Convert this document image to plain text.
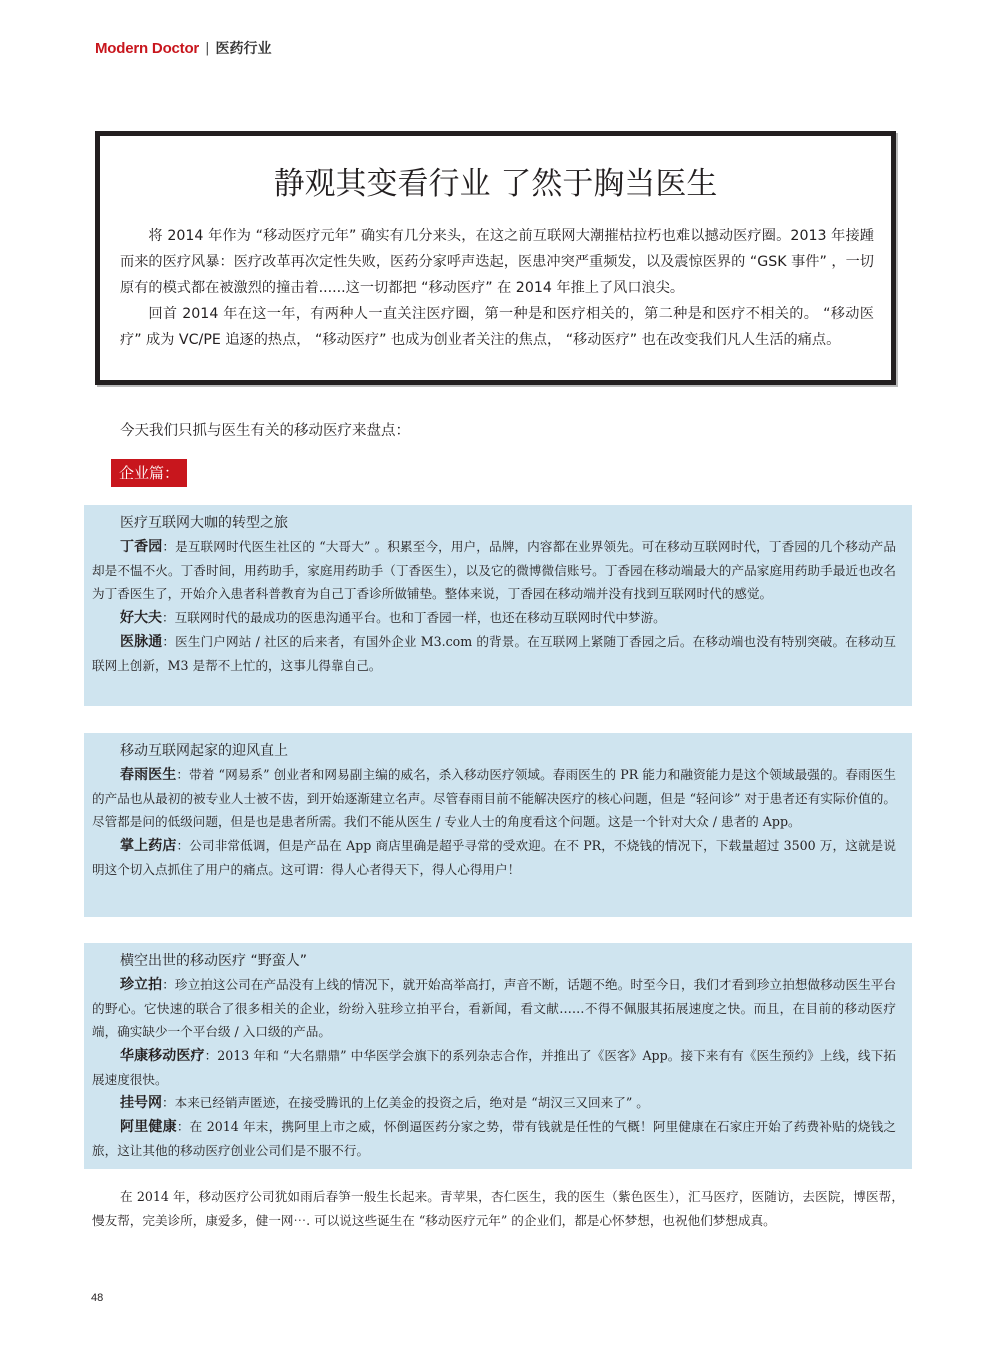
Modern Doctor | 医药行业
静观其变看行业 了然于胸当医生

将 2014 年作为 “移动医疗元年” 确实有几分来头，在这之前互联网大潮摧枯拉朽也难以撼动医疗圈。2013 年接踵而来的医疗风暴：医疗改革再次定性失败，医药分家呼声迭起，医患冲突严重频发，以及震惊医界的 “GSK 事件” ，一切原有的模式都在被激烈的撞击着......这一切都把 “移动医疗” 在 2014 年推上了风口浪尖。

回首 2014 年在这一年，有两种人一直关注医疗圈，第一种是和医疗相关的，第二种是和医疗不相关的。 “移动医疗” 成为 VC/PE 追逐的热点， “移动医疗” 也成为创业者关注的焦点， “移动医疗” 也在改变我们凡人生活的痛点。

今天我们只抓与医生有关的移动医疗来盘点：
企业篇：
医疗互联网大咖的转型之旅

丁香园：是互联网时代医生社区的 “大哥大” 。积累至今，用户，品牌，内容都在业界领先。可在移动互联网时代，丁香园的几个移动产品却是不愠不火。丁香时间，用药助手，家庭用药助手（丁香医生），以及它的微博微信账号。丁香园在移动端最大的产品家庭用药助手最近也改名为丁香医生了，开始介入患者科普教育为自己丁香诊所做铺垫。整体来说，丁香园在移动端并没有找到互联网时代的感觉。

好大夫：互联网时代的最成功的医患沟通平台。也和丁香园一样，也还在移动互联网时代中梦游。

医脉通：医生门户网站 / 社区的后来者，有国外企业 M3.com 的背景。在互联网上紧随丁香园之后。在移动端也没有特别突破。在移动互联网上创新，M3 是帮不上忙的，这事儿得靠自己。

移动互联网起家的迎风直上

春雨医生：带着 “网易系” 创业者和网易副主编的威名，杀入移动医疗领域。春雨医生的 PR 能力和融资能力是这个领域最强的。春雨医生的产品也从最初的被专业人士被不齿，到开始逐渐建立名声。尽管春雨目前不能解决医疗的核心问题，但是 “轻问诊” 对于患者还有实际价值的。尽管都是问的低级问题，但是也是患者所需。我们不能从医生 / 专业人士的角度看这个问题。这是一个针对大众 / 患者的 App。

掌上药店：公司非常低调，但是产品在 App 商店里确是超乎寻常的受欢迎。在不 PR，不烧钱的情况下，下载量超过 3500 万，这就是说明这个切入点抓住了用户的痛点。这可谓：得人心者得天下，得人心得用户！

横空出世的移动医疗 “野蛮人”

珍立拍：珍立拍这公司在产品没有上线的情况下，就开始高举高打，声音不断，话题不绝。时至今日，我们才看到珍立拍想做移动医生平台的野心。它快速的联合了很多相关的企业，纷纷入驻珍立拍平台，看新闻，看文献……不得不佩服其拓展速度之快。而且，在目前的移动医疗端，确实缺少一个平台级 / 入口级的产品。

华康移动医疗：2013 年和 “大名鼎鼎” 中华医学会旗下的系列杂志合作，并推出了《医客》App。接下来有有《医生预约》上线，线下拓展速度很快。

挂号网：本来已经销声匿迹，在接受腾讯的上亿美金的投资之后，绝对是 “胡汉三又回来了” 。

阿里健康：在 2014 年末，携阿里上市之威，怀倒逼医药分家之势，带有钱就是任性的气概！阿里健康在石家庄开始了药费补贴的烧钱之旅，这让其他的移动医疗创业公司们是不服不行。

在 2014 年，移动医疗公司犹如雨后春笋一般生长起来。青苹果，杏仁医生，我的医生（紫色医生），汇马医疗，医随访，去医院，博医帮，慢友帮，完美诊所，康爱多，健一网⋯. 可以说这些诞生在 “移动医疗元年” 的企业们，都是心怀梦想，也祝他们梦想成真。

48
